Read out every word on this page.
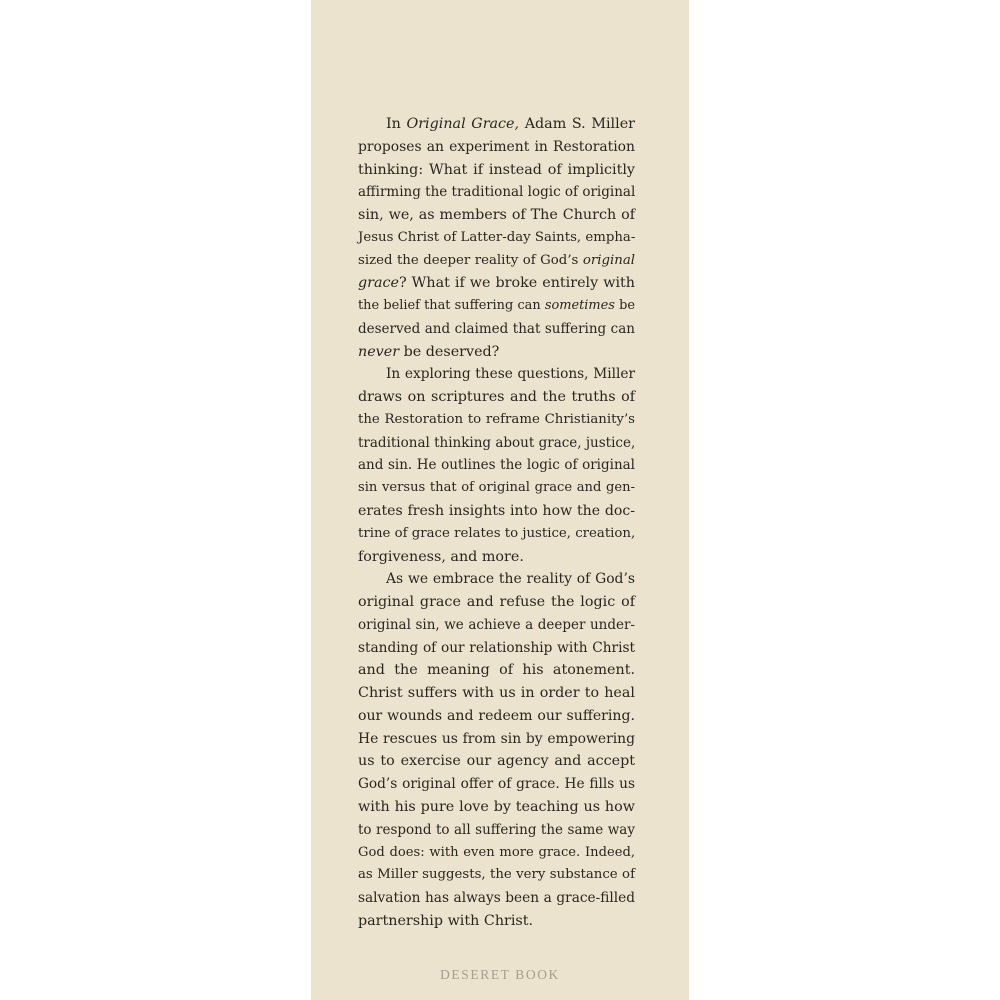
In Original Grace, Adam S. Miller
proposes an experiment in Restoration
thinking: What if instead of implicitly
affirming the traditional logic of original
sin, we, as members of The Church of
Jesus Christ of Latter-day Saints, empha-
sized the deeper reality of God’s original
grace? What if we broke entirely with
the belief that suffering can sometimes be
deserved and claimed that suffering can
never be deserved?
In exploring these questions, Miller
draws on scriptures and the truths of
the Restoration to reframe Christianity’s
traditional thinking about grace, justice,
and sin. He outlines the logic of original
sin versus that of original grace and gen-
erates fresh insights into how the doc-
trine of grace relates to justice, creation,
forgiveness, and more.
As we embrace the reality of God’s
original grace and refuse the logic of
original sin, we achieve a deeper under-
standing of our relationship with Christ
and the meaning of his atonement.
Christ suffers with us in order to heal
our wounds and redeem our suffering.
He rescues us from sin by empowering
us to exercise our agency and accept
God’s original offer of grace. He fills us
with his pure love by teaching us how
to respond to all suffering the same way
God does: with even more grace. Indeed,
as Miller suggests, the very substance of
salvation has always been a grace-filled
partnership with Christ.
DESERET BOOK
